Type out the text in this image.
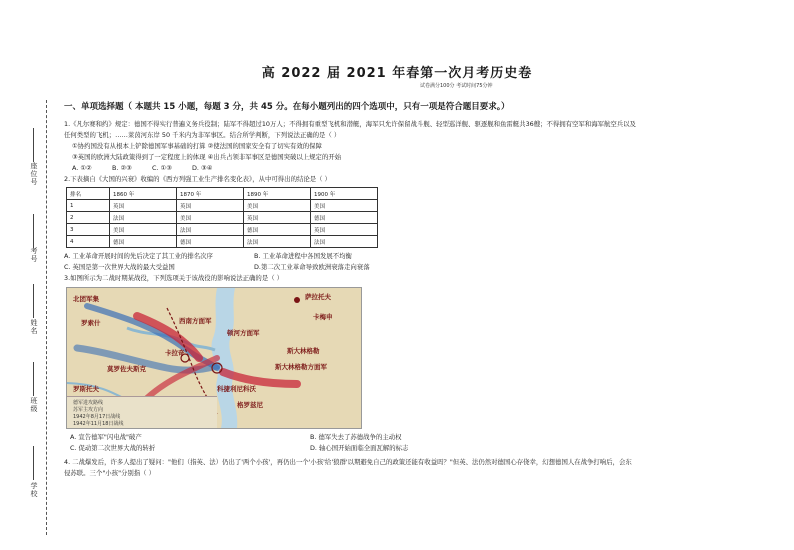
座位号
考号
姓名
班级
学校
高 2022 届 2021 年春第一次月考历史卷
试卷满分100分 考试时间75分钟
一、单项选择题（ 本题共 15 小题，每题 3 分，共 45 分。在每小题列出的四个选项中，只有一项是符合题目要求。）

1.《凡尔赛和约》规定：德国不得实行普遍义务兵役制；陆军不得超过10万人；不得拥有重型飞机和潜艇，海军只允许保留战斗舰、轻型巡洋舰、驱逐舰和鱼雷艇共36艘；不得拥有空军和海军航空兵以及

任何类型的飞机；……莱茵河东岸 50 千米内为非军事区。结合所学判断，下列说法正确的是（ ）

①协约国没有从根本上铲除德国军事基础的打算 ②使法国的国家安全有了切实有效的保障

③英国的欧洲大陆政策得到了一定程度上的体现 ④出兵占领非军事区是德国突破以上规定的开始

A. ①②	B. ②③	C. ①③	D. ③④

2.下表摘自《大国的兴衰》收编的《西方列强工业生产排名变化表》，从中可得出的结论是（ ）

排名	1860 年	1870 年	1890 年	1900 年
1	英国	英国	美国	美国
2	法国	美国	英国	德国
3	美国	法国	德国	英国
4	德国	德国	法国	法国
A. 工业革命开展时间的先后决定了其工业的排名次序	B. 工业革命进程中各国发展不均衡
C. 英国是第一次世界大战的最大受益国	D.第二次工业革命导致欧洲衰落走向衰落

3.如图所示为二战时期某战役，下列选项关于该战役的影响说法正确的是（ ）

北团军集	萨拉托夫
罗索什
卡梅申
西南方面军
顿河方面军
卡拉奇	斯大林格勒
斯大林格勒方面军
莫罗佐夫斯克
科捷利尼科沃
罗斯托夫
格罗兹尼
德军进攻路线
苏军主攻方向
1942年8月17日战线
1942年11月18日战线
A. 宣告德军"闪电战"破产	B. 德军失去了苏德战争的主动权
C. 促动第二次世界大战的转折	D. 轴心国开始面临全面瓦解的标志

4. 二战爆发后，许多人提出了疑问："他们（指英、法）仍出了'两个小孩'，再仍出一个'小孩'给'狼群'以期避免自己的政策还能有收益吗？"但英、法仍然对德国心存侥幸，幻想德国人在战争打响后，会东

侵苏联。三个"小孩"分别指（ ）
